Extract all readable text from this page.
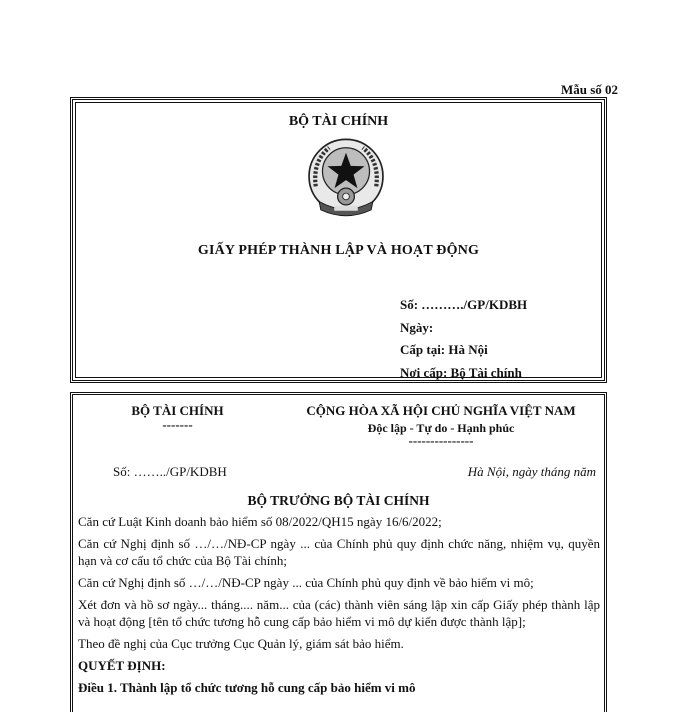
Mẫu số 02
BỘ TÀI CHÍNH
GIẤY PHÉP THÀNH LẬP VÀ HOẠT ĐỘNG
Số: ………./GP/KDBH
Ngày:
Cấp tại: Hà Nội
Nơi cấp: Bộ Tài chính
BỘ TÀI CHÍNH
-------
CỘNG HÒA XÃ HỘI CHỦ NGHĨA VIỆT NAM
Độc lập - Tự do - Hạnh phúc
---------------
Số: ……../GP/KDBH	Hà Nội, ngày tháng năm
BỘ TRƯỞNG BỘ TÀI CHÍNH

Căn cứ Luật Kinh doanh bảo hiểm số 08/2022/QH15 ngày 16/6/2022;

Căn cứ Nghị định số …/…/NĐ-CP ngày ... của Chính phủ quy định chức năng, nhiệm vụ, quyền hạn và cơ cấu tổ chức của Bộ Tài chính;

Căn cứ Nghị định số …/…/NĐ-CP ngày ... của Chính phủ quy định về bảo hiểm vi mô;

Xét đơn và hồ sơ ngày... tháng.... năm... của (các) thành viên sáng lập xin cấp Giấy phép thành lập và hoạt động [tên tổ chức tương hỗ cung cấp bảo hiểm vi mô dự kiến được thành lập];

Theo đề nghị của Cục trưởng Cục Quản lý, giám sát bảo hiểm.

QUYẾT ĐỊNH:

Điều 1. Thành lập tổ chức tương hỗ cung cấp bảo hiểm vi mô
